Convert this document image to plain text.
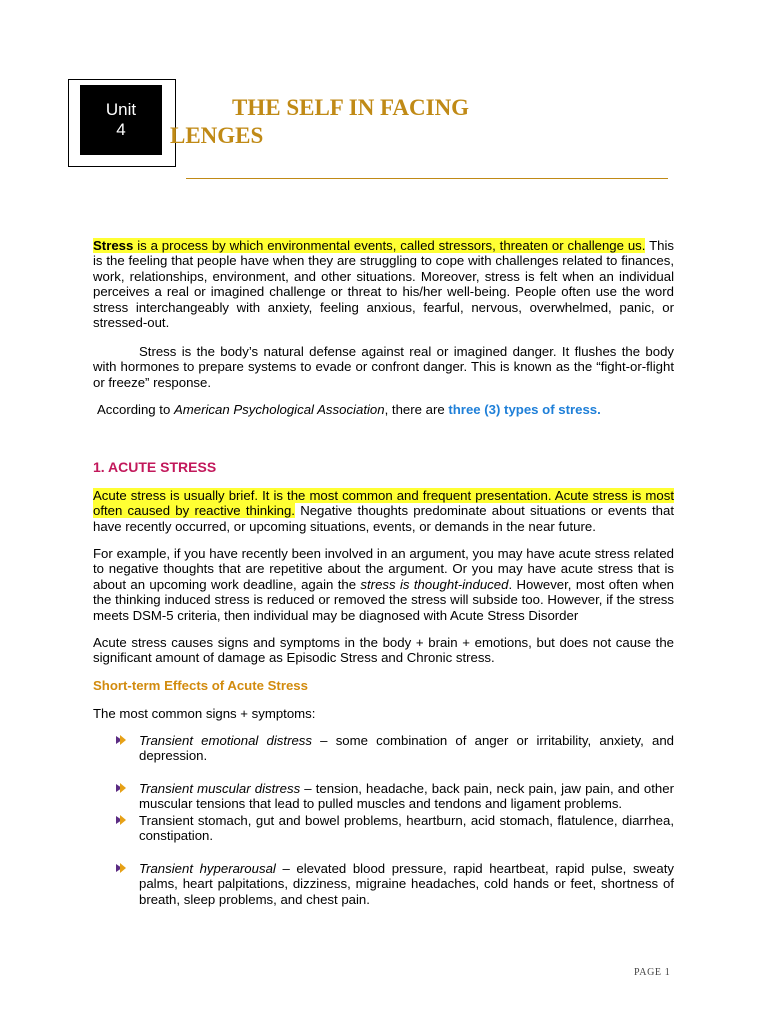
Unit
4
THE SELF IN FACING
LENGES
Stress is a process by which environmental events, called stressors, threaten or challenge us. This is the feeling that people have when they are struggling to cope with challenges related to finances, work, relationships, environment, and other situations. Moreover, stress is felt when an individual perceives a real or imagined challenge or threat to his/her well-being. People often use the word stress interchangeably with anxiety, feeling anxious, fearful, nervous, overwhelmed, panic, or stressed-out.
Stress is the body’s natural defense against real or imagined danger. It flushes the body with hormones to prepare systems to evade or confront danger. This is known as the “fight-or-flight or freeze” response.
According to American Psychological Association, there are three (3) types of stress.
1. ACUTE STRESS
Acute stress is usually brief. It is the most common and frequent presentation. Acute stress is most often caused by reactive thinking. Negative thoughts predominate about situations or events that have recently occurred, or upcoming situations, events, or demands in the near future.
For example, if you have recently been involved in an argument, you may have acute stress related to negative thoughts that are repetitive about the argument. Or you may have acute stress that is about an upcoming work deadline, again the stress is thought-induced. However, most often when the thinking induced stress is reduced or removed the stress will subside too. However, if the stress meets DSM-5 criteria, then individual may be diagnosed with Acute Stress Disorder
Acute stress causes signs and symptoms in the body + brain + emotions, but does not cause the significant amount of damage as Episodic Stress and Chronic stress.
Short-term Effects of Acute Stress
The most common signs + symptoms:
Transient emotional distress – some combination of anger or irritability, anxiety, and depression.
Transient muscular distress – tension, headache, back pain, neck pain, jaw pain, and other muscular tensions that lead to pulled muscles and tendons and ligament problems.
Transient stomach, gut and bowel problems, heartburn, acid stomach, flatulence, diarrhea, constipation.
Transient hyperarousal – elevated blood pressure, rapid heartbeat, rapid pulse, sweaty palms, heart palpitations, dizziness, migraine headaches, cold hands or feet, shortness of breath, sleep problems, and chest pain.
PAGE 1
